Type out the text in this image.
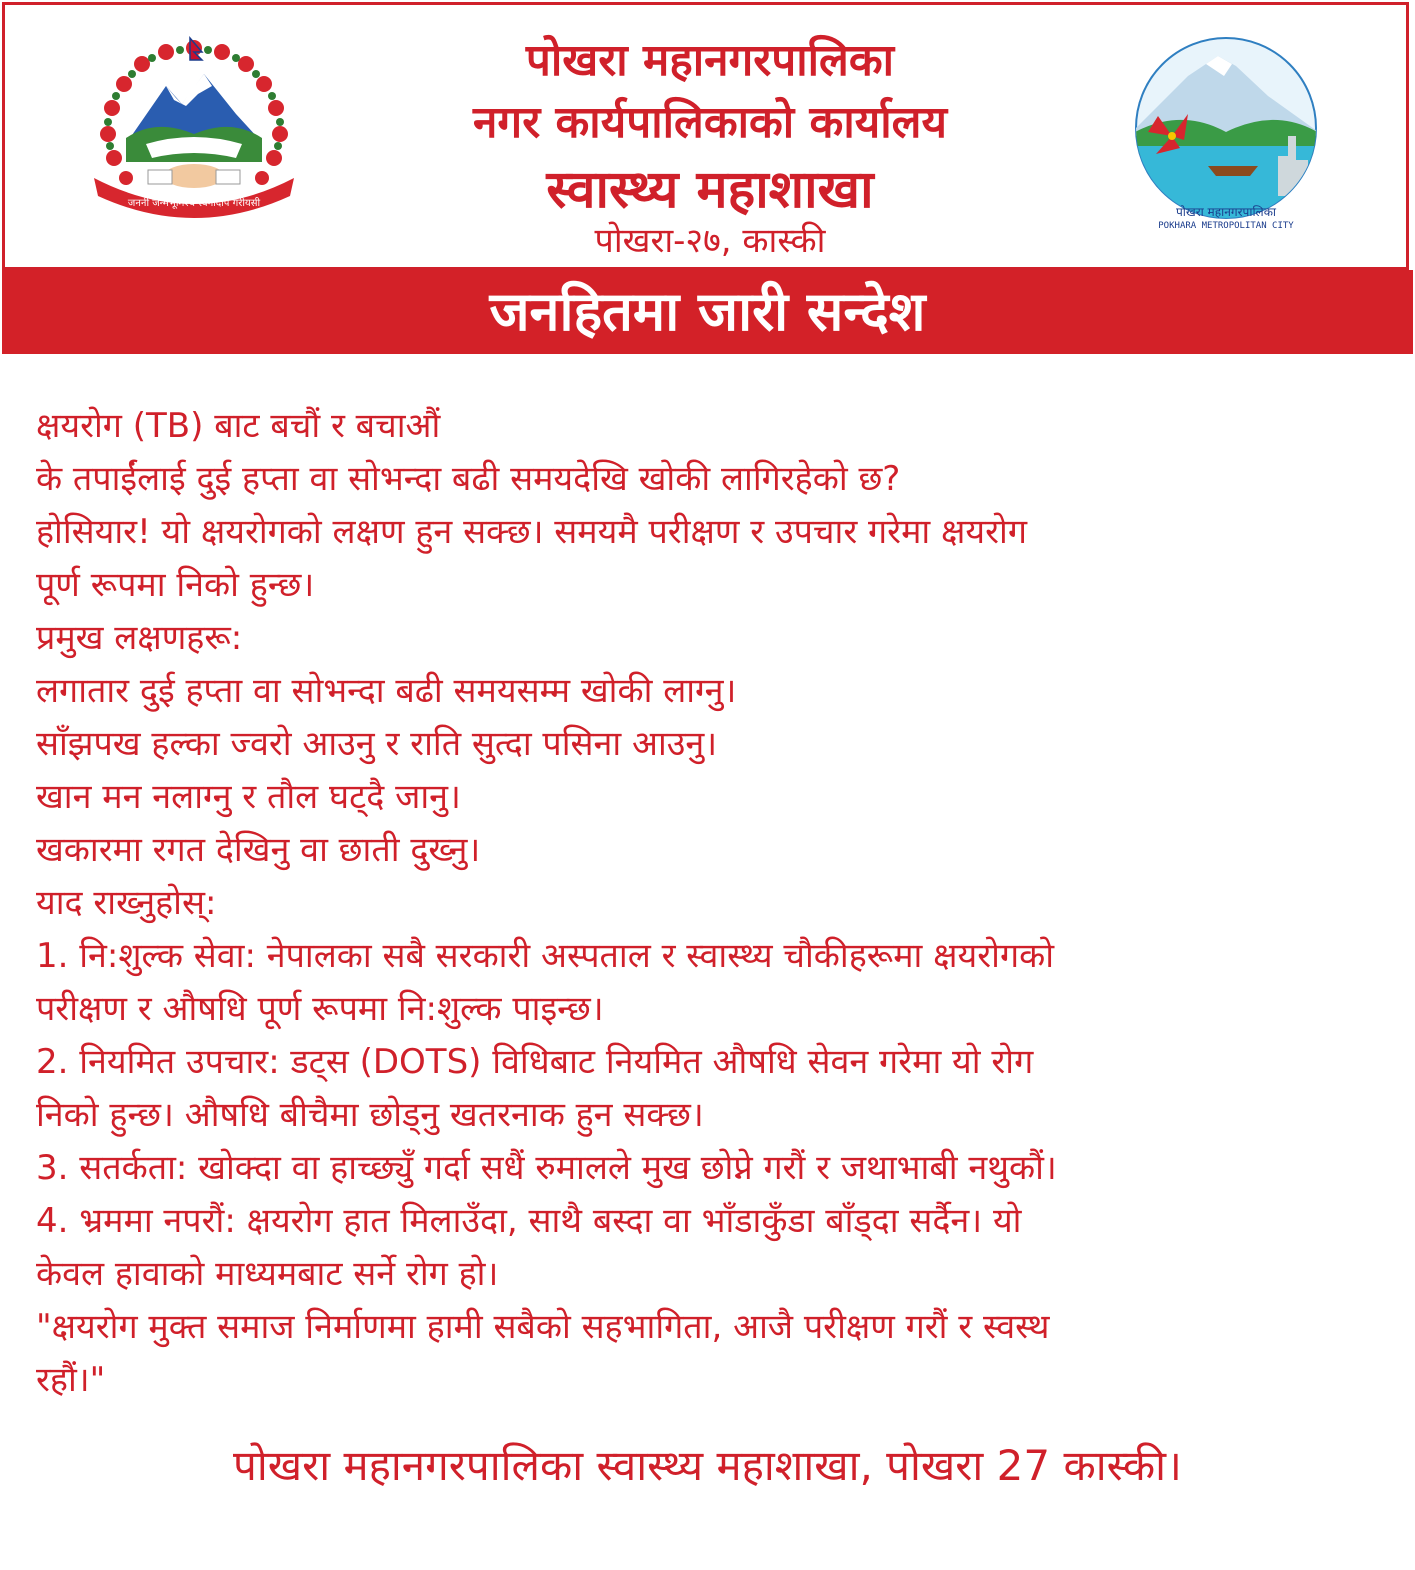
जननी जन्मभूमिश्च स्वर्गादपि गरीयसी
पोखरा महानगरपालिका
नगर कार्यपालिकाको कार्यालय
स्वास्थ्य महाशाखा
पोखरा-२७, कास्की
पोखरा महानगरपालिका
POKHARA METROPOLITAN CITY
जनहितमा जारी सन्देश
क्षयरोग (TB) बाट बचौं र बचाऔं
के तपाईंलाई दुई हप्ता वा सोभन्दा बढी समयदेखि खोकी लागिरहेको छ?
होसियार! यो क्षयरोगको लक्षण हुन सक्छ। समयमै परीक्षण र उपचार गरेमा क्षयरोग
पूर्ण रूपमा निको हुन्छ।
प्रमुख लक्षणहरू:
लगातार दुई हप्ता वा सोभन्दा बढी समयसम्म खोकी लाग्नु।
साँझपख हल्का ज्वरो आउनु र राति सुत्दा पसिना आउनु।
खान मन नलाग्नु र तौल घट्दै जानु।
खकारमा रगत देखिनु वा छाती दुख्नु।
याद राख्नुहोस्:
1. नि:शुल्क सेवा: नेपालका सबै सरकारी अस्पताल र स्वास्थ्य चौकीहरूमा क्षयरोगको
परीक्षण र औषधि पूर्ण रूपमा नि:शुल्क पाइन्छ।
2. नियमित उपचार: डट्स (DOTS) विधिबाट नियमित औषधि सेवन गरेमा यो रोग
निको हुन्छ। औषधि बीचैमा छोड्नु खतरनाक हुन सक्छ।
3. सतर्कता: खोक्दा वा हाच्छ्युँ गर्दा सधैं रुमालले मुख छोप्ने गरौं र जथाभाबी नथुकौं।
4. भ्रममा नपरौं: क्षयरोग हात मिलाउँदा, साथै बस्दा वा भाँडाकुँडा बाँड्दा सर्दैन। यो
केवल हावाको माध्यमबाट सर्ने रोग हो।
"क्षयरोग मुक्त समाज निर्माणमा हामी सबैको सहभागिता, आजै परीक्षण गरौं र स्वस्थ
रहौं।"
पोखरा महानगरपालिका स्वास्थ्य महाशाखा, पोखरा 27 कास्की।
